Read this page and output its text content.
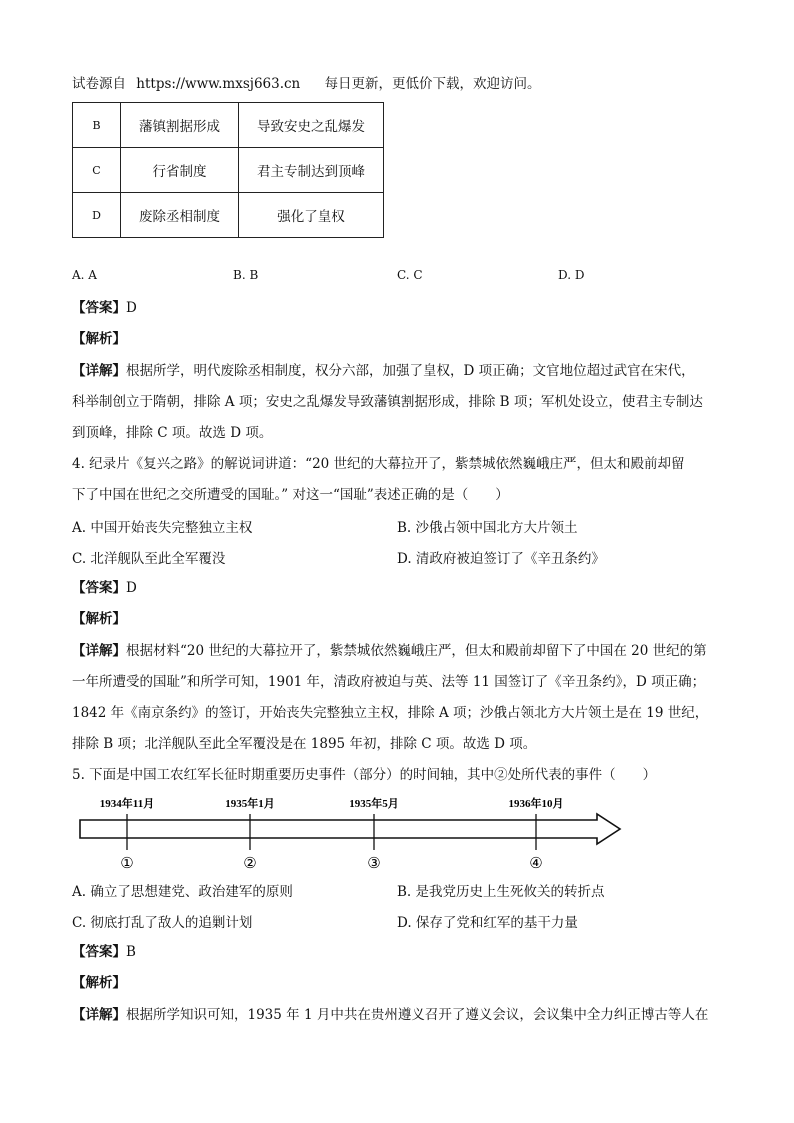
试卷源自 https://www.mxsj663.cn 每日更新，更低价下载，欢迎访问。
B	藩镇割据形成	导致安史之乱爆发
C	行省制度	君主专制达到顶峰
D	废除丞相制度	强化了皇权
A. A	B. B	C. C	D. D
【答案】D
【解析】
【详解】根据所学，明代废除丞相制度，权分六部，加强了皇权，D 项正确；文官地位超过武官在宋代，
科举制创立于隋朝，排除 A 项；安史之乱爆发导致藩镇割据形成，排除 B 项；军机处设立，使君主专制达
到顶峰，排除 C 项。故选 D 项。
4. 纪录片《复兴之路》的解说词讲道：“20 世纪的大幕拉开了，紫禁城依然巍峨庄严，但太和殿前却留
下了中国在世纪之交所遭受的国耻。” 对这一“国耻”表述正确的是（　　）
A. 中国开始丧失完整独立主权	B. 沙俄占领中国北方大片领土
C. 北洋舰队至此全军覆没	D. 清政府被迫签订了《辛丑条约》
【答案】D
【解析】
【详解】根据材料“20 世纪的大幕拉开了，紫禁城依然巍峨庄严，但太和殿前却留下了中国在 20 世纪的第
一年所遭受的国耻”和所学可知，1901 年，清政府被迫与英、法等 11 国签订了《辛丑条约》，D 项正确；
1842 年《南京条约》的签订，开始丧失完整独立主权，排除 A 项；沙俄占领北方大片领土是在 19 世纪，
排除 B 项；北洋舰队至此全军覆没是在 1895 年初，排除 C 项。故选 D 项。
5. 下面是中国工农红军长征时期重要历史事件（部分）的时间轴，其中②处所代表的事件（　　）
1934年11月	1935年1月	1935年5月	1936年10月
①	②	③	④
A. 确立了思想建党、政治建军的原则	B. 是我党历史上生死攸关的转折点
C. 彻底打乱了敌人的追剿计划	D. 保存了党和红军的基干力量
【答案】B
【解析】
【详解】根据所学知识可知，1935 年 1 月中共在贵州遵义召开了遵义会议，会议集中全力纠正博古等人在
